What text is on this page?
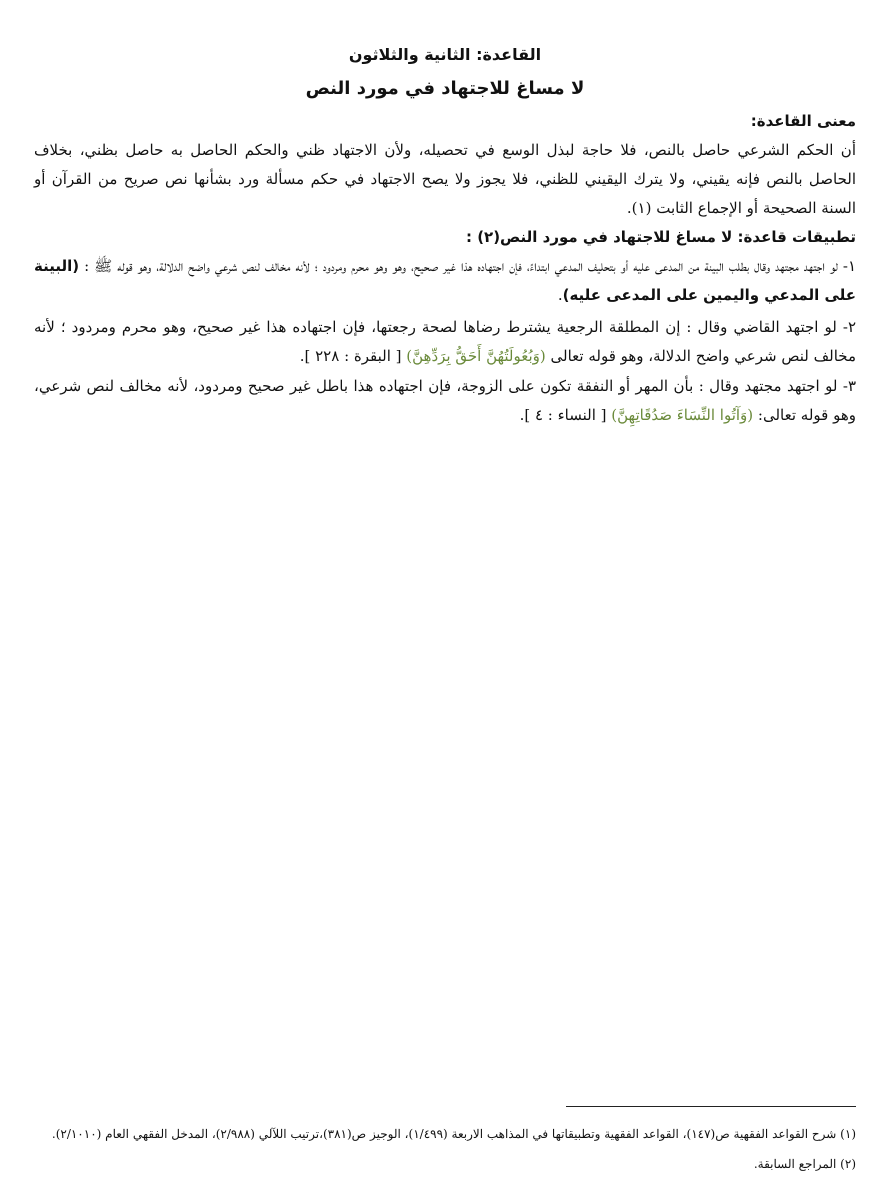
القاعدة: الثانية والثلاثون
لا مساغ للاجتهاد في مورد النص
معنى القاعدة:
أن الحكم الشرعي حاصل بالنص، فلا حاجة لبذل الوسع في تحصيله، ولأن الاجتهاد ظني والحكم الحاصل به حاصل بظني، بخلاف الحاصل بالنص فإنه يقيني، ولا يترك اليقيني للظني، فلا يجوز ولا يصح الاجتهاد في حكم مسألة ورد بشأنها نص صريح من القرآن أو السنة الصحيحة أو الإجماع الثابت (١).
تطبيقات قاعدة: لا مساغ للاجتهاد في مورد النص(٢) :
١- لو اجتهد مجتهد وقال بطلب البينة من المدعى عليه أو بتحليف المدعي ابتداءً، فإن اجتهاده هذا غير صحيح، وهو وهو محرم ومردود ؛ لأنه مخالف لنص شرعي واضح الدلالة، وهو قوله ﷺ : (البينة على المدعي واليمين على المدعى عليه).
٢- لو اجتهد القاضي وقال : إن المطلقة الرجعية يشترط رضاها لصحة رجعتها، فإن اجتهاده هذا غير صحيح، وهو محرم ومردود ؛ لأنه مخالف لنص شرعي واضح الدلالة، وهو قوله تعالى (وَبُعُولَتُهُنَّ أَحَقُّ بِرَدِّهِنَّ) [ البقرة : ٢٢٨ ].
٣- لو اجتهد مجتهد وقال : بأن المهر أو النفقة تكون على الزوجة، فإن اجتهاده هذا باطل غير صحيح ومردود، لأنه مخالف لنص شرعي، وهو قوله تعالى: (وَآتُوا النِّسَاءَ صَدُقَاتِهِنَّ) [ النساء : ٤ ].
(١) شرح القواعد الفقهية ص(١٤٧)، القواعد الفقهية وتطبيقاتها في المذاهب الاربعة (١/٤٩٩)، الوجيز ص(٣٨١)،ترتيب اللآلي (٢/٩٨٨)، المدخل الفقهي العام (٢/١٠١٠).
(٢) المراجع السابقة.
